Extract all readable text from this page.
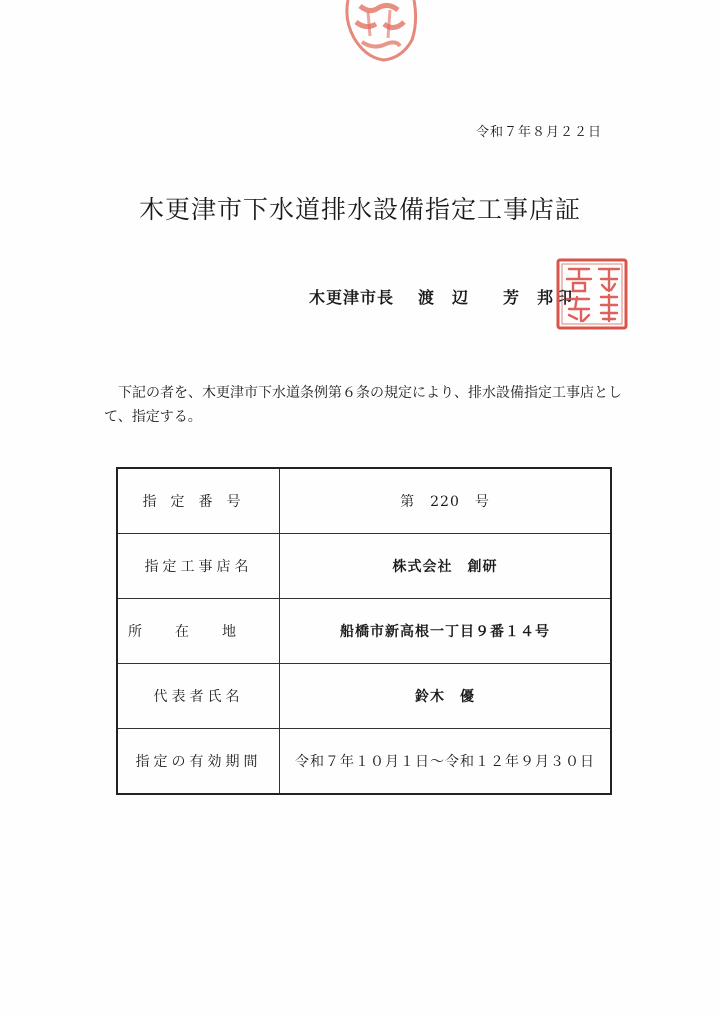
令和７年８月２２日
木更津市下水道排水設備指定工事店証
木更津市長 渡　辺　　芳　邦 印

下記の者を、木更津市下水道条例第６条の規定により、排水設備指定工事店として、指定する。

指定番号	第　220　号
指定工事店名	株式会社　創研
所在地	船橋市新高根一丁目９番１４号
代表者氏名	鈴木　優
指定の有効期間	令和７年１０月１日～令和１２年９月３０日
